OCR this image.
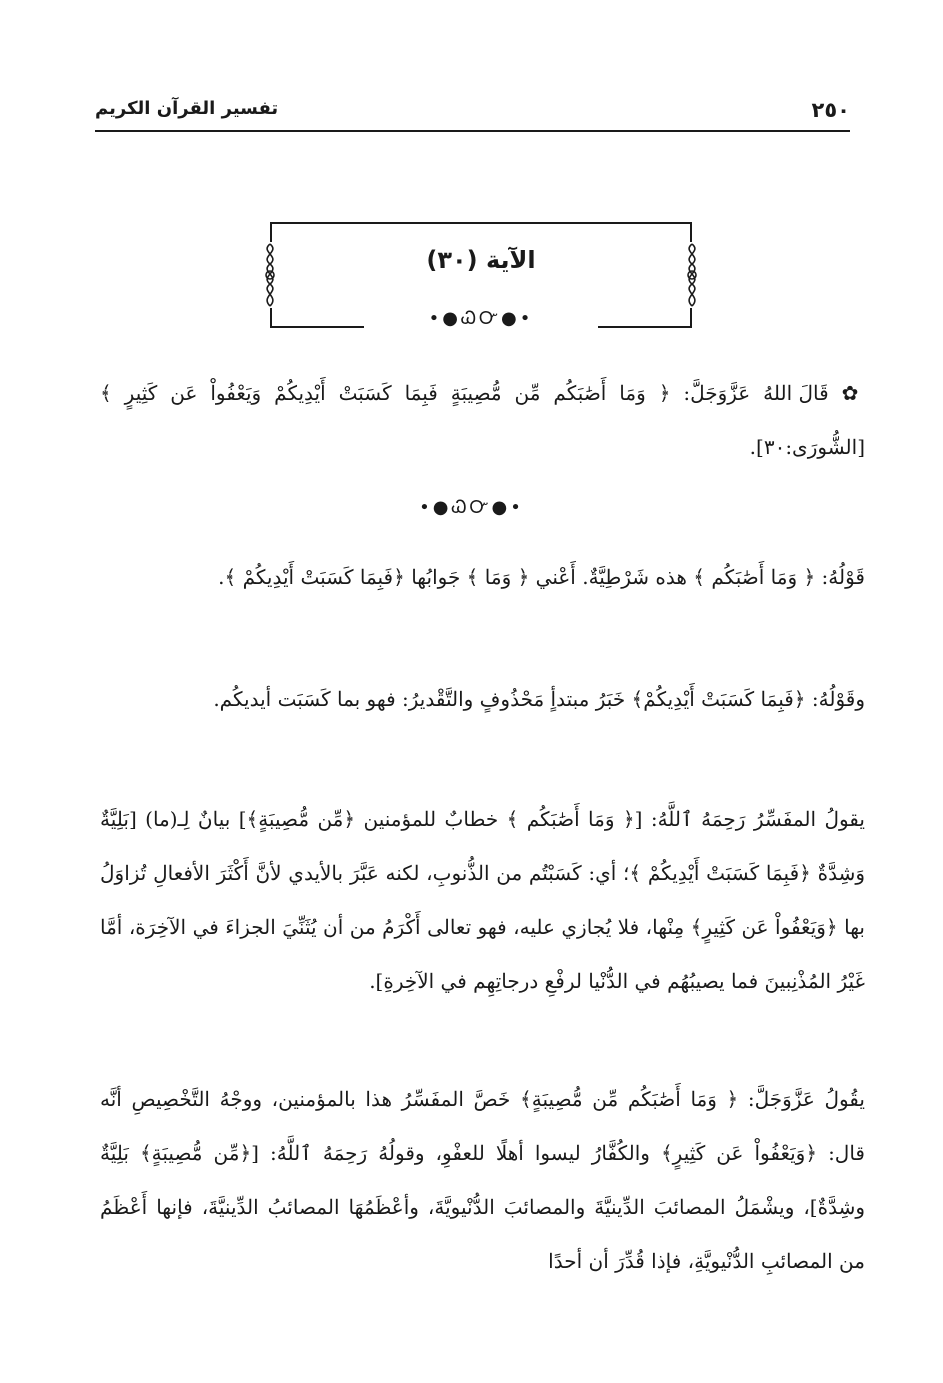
٢٥٠
تفسير القرآن الكريم
الآية (٣٠)
•●ᏇᏅ●•

✿ قَالَ اللهُ عَزَّوَجَلَّ: ﴿ وَمَا أَصَٰبَكُم مِّن مُّصِيبَةٍ فَبِمَا كَسَبَتْ أَيْدِيكُمْ وَيَعْفُواْ عَن كَثِيرٍ ﴾ [الشُّورَى:٣٠].

•●ᏇᏅ●•

قَوْلُهُ: ﴿ وَمَا أَصَٰبَكُم ﴾ هذه شَرْطِيَّةٌ. أَعْني ﴿ وَمَا ﴾ جَوابُها ﴿فَبِمَا كَسَبَتْ أَيْدِيكُمْ ﴾.

وقَوْلُهُ: ﴿فَبِمَا كَسَبَتْ أَيْدِيكُمْ﴾ خَبَرُ مبتدأٍ مَحْذُوفٍ والتَّقْديرُ: فهو بما كَسَبَت أيديكُم.

يقولُ المفَسِّرُ رَحِمَهُ ٱللَّهُ: [﴿ وَمَا أَصَٰبَكُم ﴾ خطابٌ للمؤمنين ﴿مِّن مُّصِيبَةٍ﴾] بيانٌ لِـ(ما) [بَلِيَّةٌ وَشِدَّةٌ ﴿فَبِمَا كَسَبَتْ أَيْدِيكُمْ ﴾؛ أي: كَسَبْتُم من الذُّنوبِ، لكنه عَبَّرَ بالأيدي لأنَّ أَكْثَرَ الأفعالِ تُزاوَلُ بها ﴿وَيَعْفُواْ عَن كَثِيرٍ﴾ مِنْها، فلا يُجازي عليه، فهو تعالى أَكْرَمُ من أن يُثَنِّيَ الجزاءَ في الآخِرَة، أمَّا غَيْرُ المُذْنِبينَ فما يصيبُهُم في الدُّنْيا لرفْعِ درجاتِهِم في الآخِرةِ].

يقُولُ عَزَّوَجَلَّ: ﴿ وَمَا أَصَٰبَكُم مِّن مُّصِيبَةٍ﴾ خَصَّ المفَسِّرُ هذا بالمؤمنين، ووجْهُ التَّخْصِيصِ أنَّه قال: ﴿وَيَعْفُواْ عَن كَثِيرٍ﴾ والكُفَّارُ ليسوا أهلًا للعفْوِ، وقولُهُ رَحِمَهُ ٱللَّهُ: [﴿مِّن مُّصِيبَةٍ﴾ بَلِيَّةٌ وشِدَّةٌ]، ويشْمَلُ المصائبَ الدِّينيَّةَ والمصائبَ الدُّنْيويَّةَ، وأعْظَمُهَا المصائبُ الدِّينيَّةَ، فإنها أَعْظَمُ من المصائبِ الدُّنْيويَّةِ، فإذا قُدِّرَ أن أحدًا
